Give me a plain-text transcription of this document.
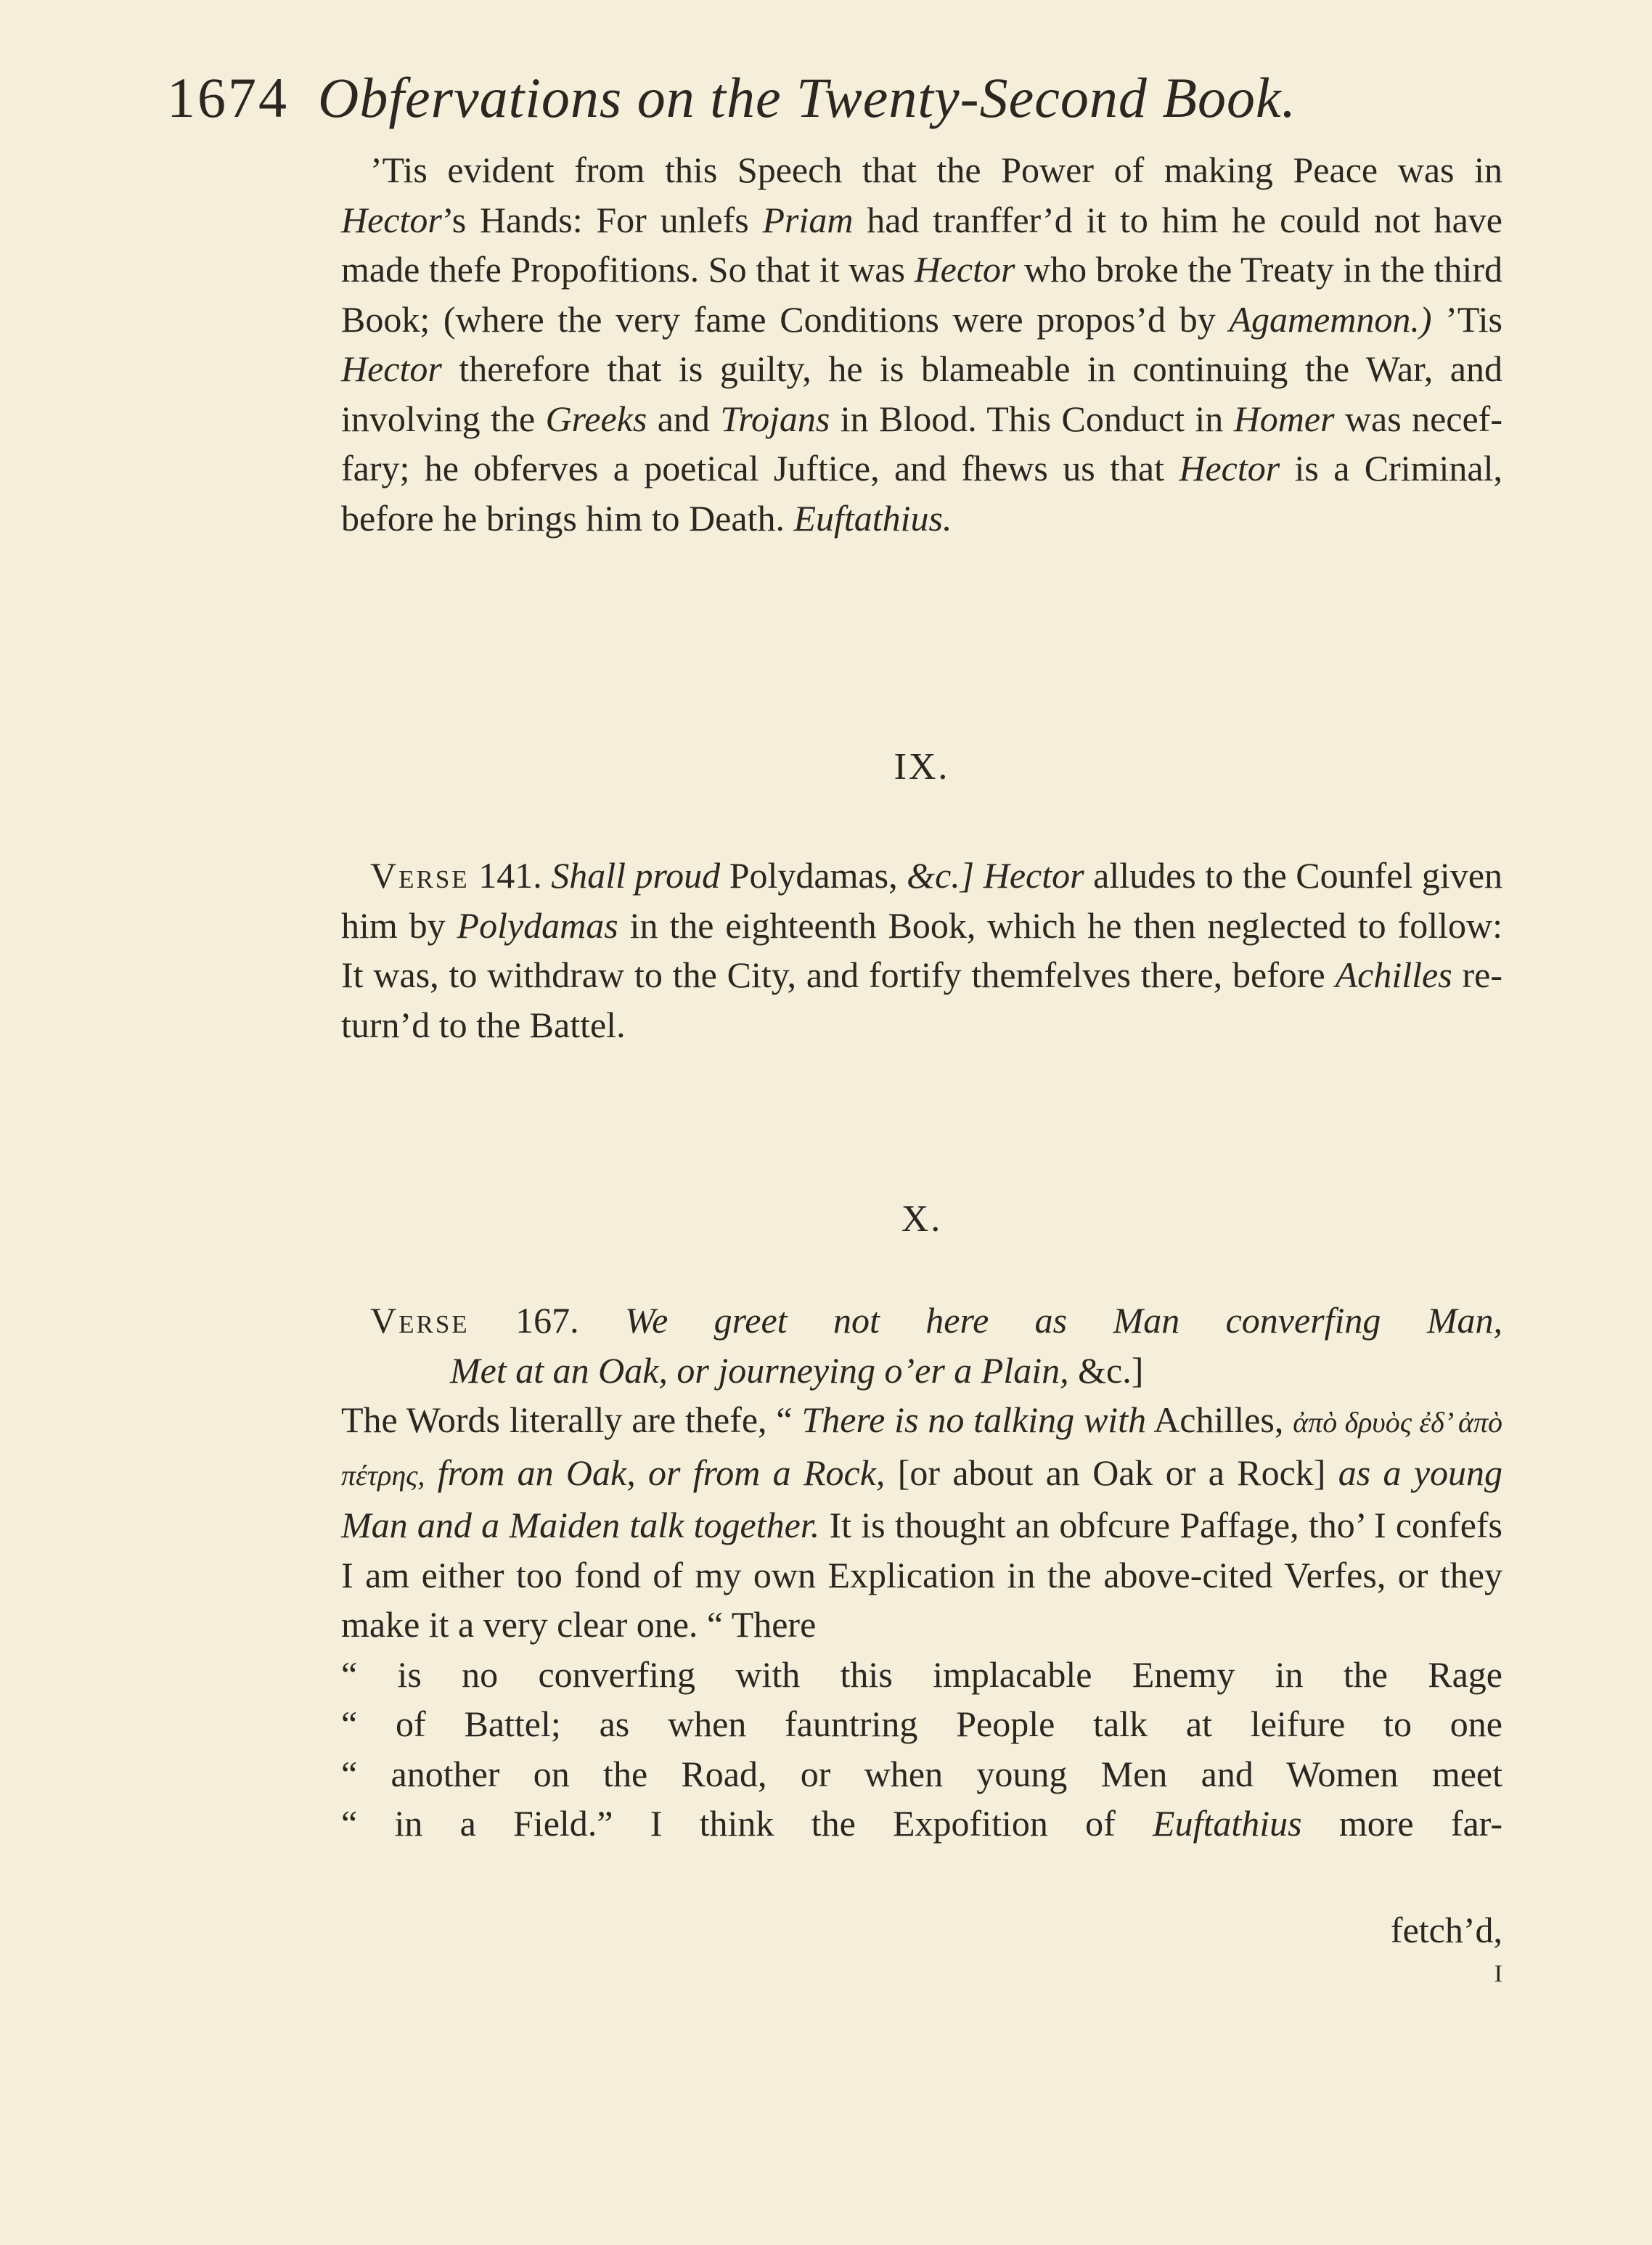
1674 Obfervations on the Twenty-Second Book.

’Tis evident from this Speech that the Power of making Peace was in Hector’s Hands: For unlefs Priam had tranffer’d it to him he could not have made thefe Propofitions. So that it was Hector who broke the Treaty in the third Book; (where the very fame Conditions were propos’d by Agamemnon.) ’Tis Hector therefore that is guilty, he is blameable in continuing the War, and involving the Greeks and Trojans in Blood. This Conduct in Homer was neceffary; he obferves a poetical Juftice, and fhews us that Hector is a Criminal, before he brings him to Death. Euftathius.

IX.

Verse 141. Shall proud Polydamas, &c.] Hector alludes to the Counfel given him by Polydamas in the eighteenth Book, which he then neglected to follow: It was, to withdraw to the City, and fortify themfelves there, before Achilles return’d to the Battel.

X.
Verse 167. We greet not here as Man converfing Man,
Met at an Oak, or journeying o’er a Plain, &c.]
The Words literally are thefe, “ There is no talking with Achilles, ἀπὸ δρυὸς ἐδ’ ἀπὸ πέτρης, from an Oak, or from a Rock, [or about an Oak or a Rock] as a young Man and a Maiden talk together. It is thought an obfcure Paffage, tho’ I confefs I am either too fond of my own Explication in the above-cited Verfes, or they make it a very clear one. “ There
“ is no converfing with this implacable Enemy in the Rage
“ of Battel; as when fauntring People talk at leifure to one
“ another on the Road, or when young Men and Women meet
“ in a Field.” I think the Expofition of Euftathius more far-
fetch’d,
I
